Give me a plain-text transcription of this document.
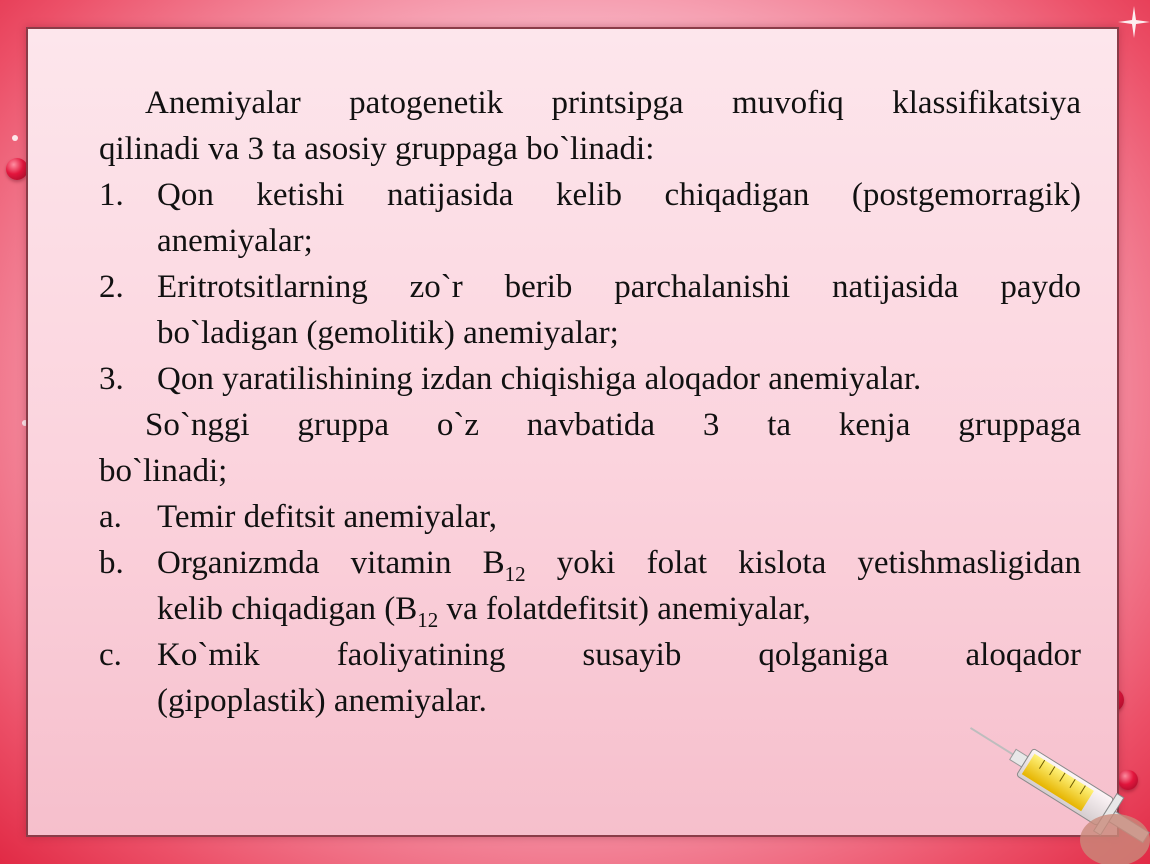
Anemiyalar patogenetik printsipga muvofiq klassifikatsiya

qilinadi va 3 ta asosiy gruppaga bo`linadi:

1. Qon ketishi natijasida kelib chiqadigan (postgemorragik)
anemiyalar;

2. Eritrotsitlarning zo`r berib parchalanishi natijasida paydo
bo`ladigan (gemolitik) anemiyalar;

3. Qon yaratilishining izdan chiqishiga aloqador anemiyalar.

So`nggi gruppa o`z navbatida 3 ta kenja gruppaga

bo`linadi;

a. Temir defitsit anemiyalar,

b. Organizmda vitamin $B_{12}$ yoki folat kislota yetishmasligidan
kelib chiqadigan ($B_{12}$ va folatdefitsit) anemiyalar,

c. Ko`mik faoliyatining susayib qolganiga aloqador
(gipoplastik) anemiyalar.
